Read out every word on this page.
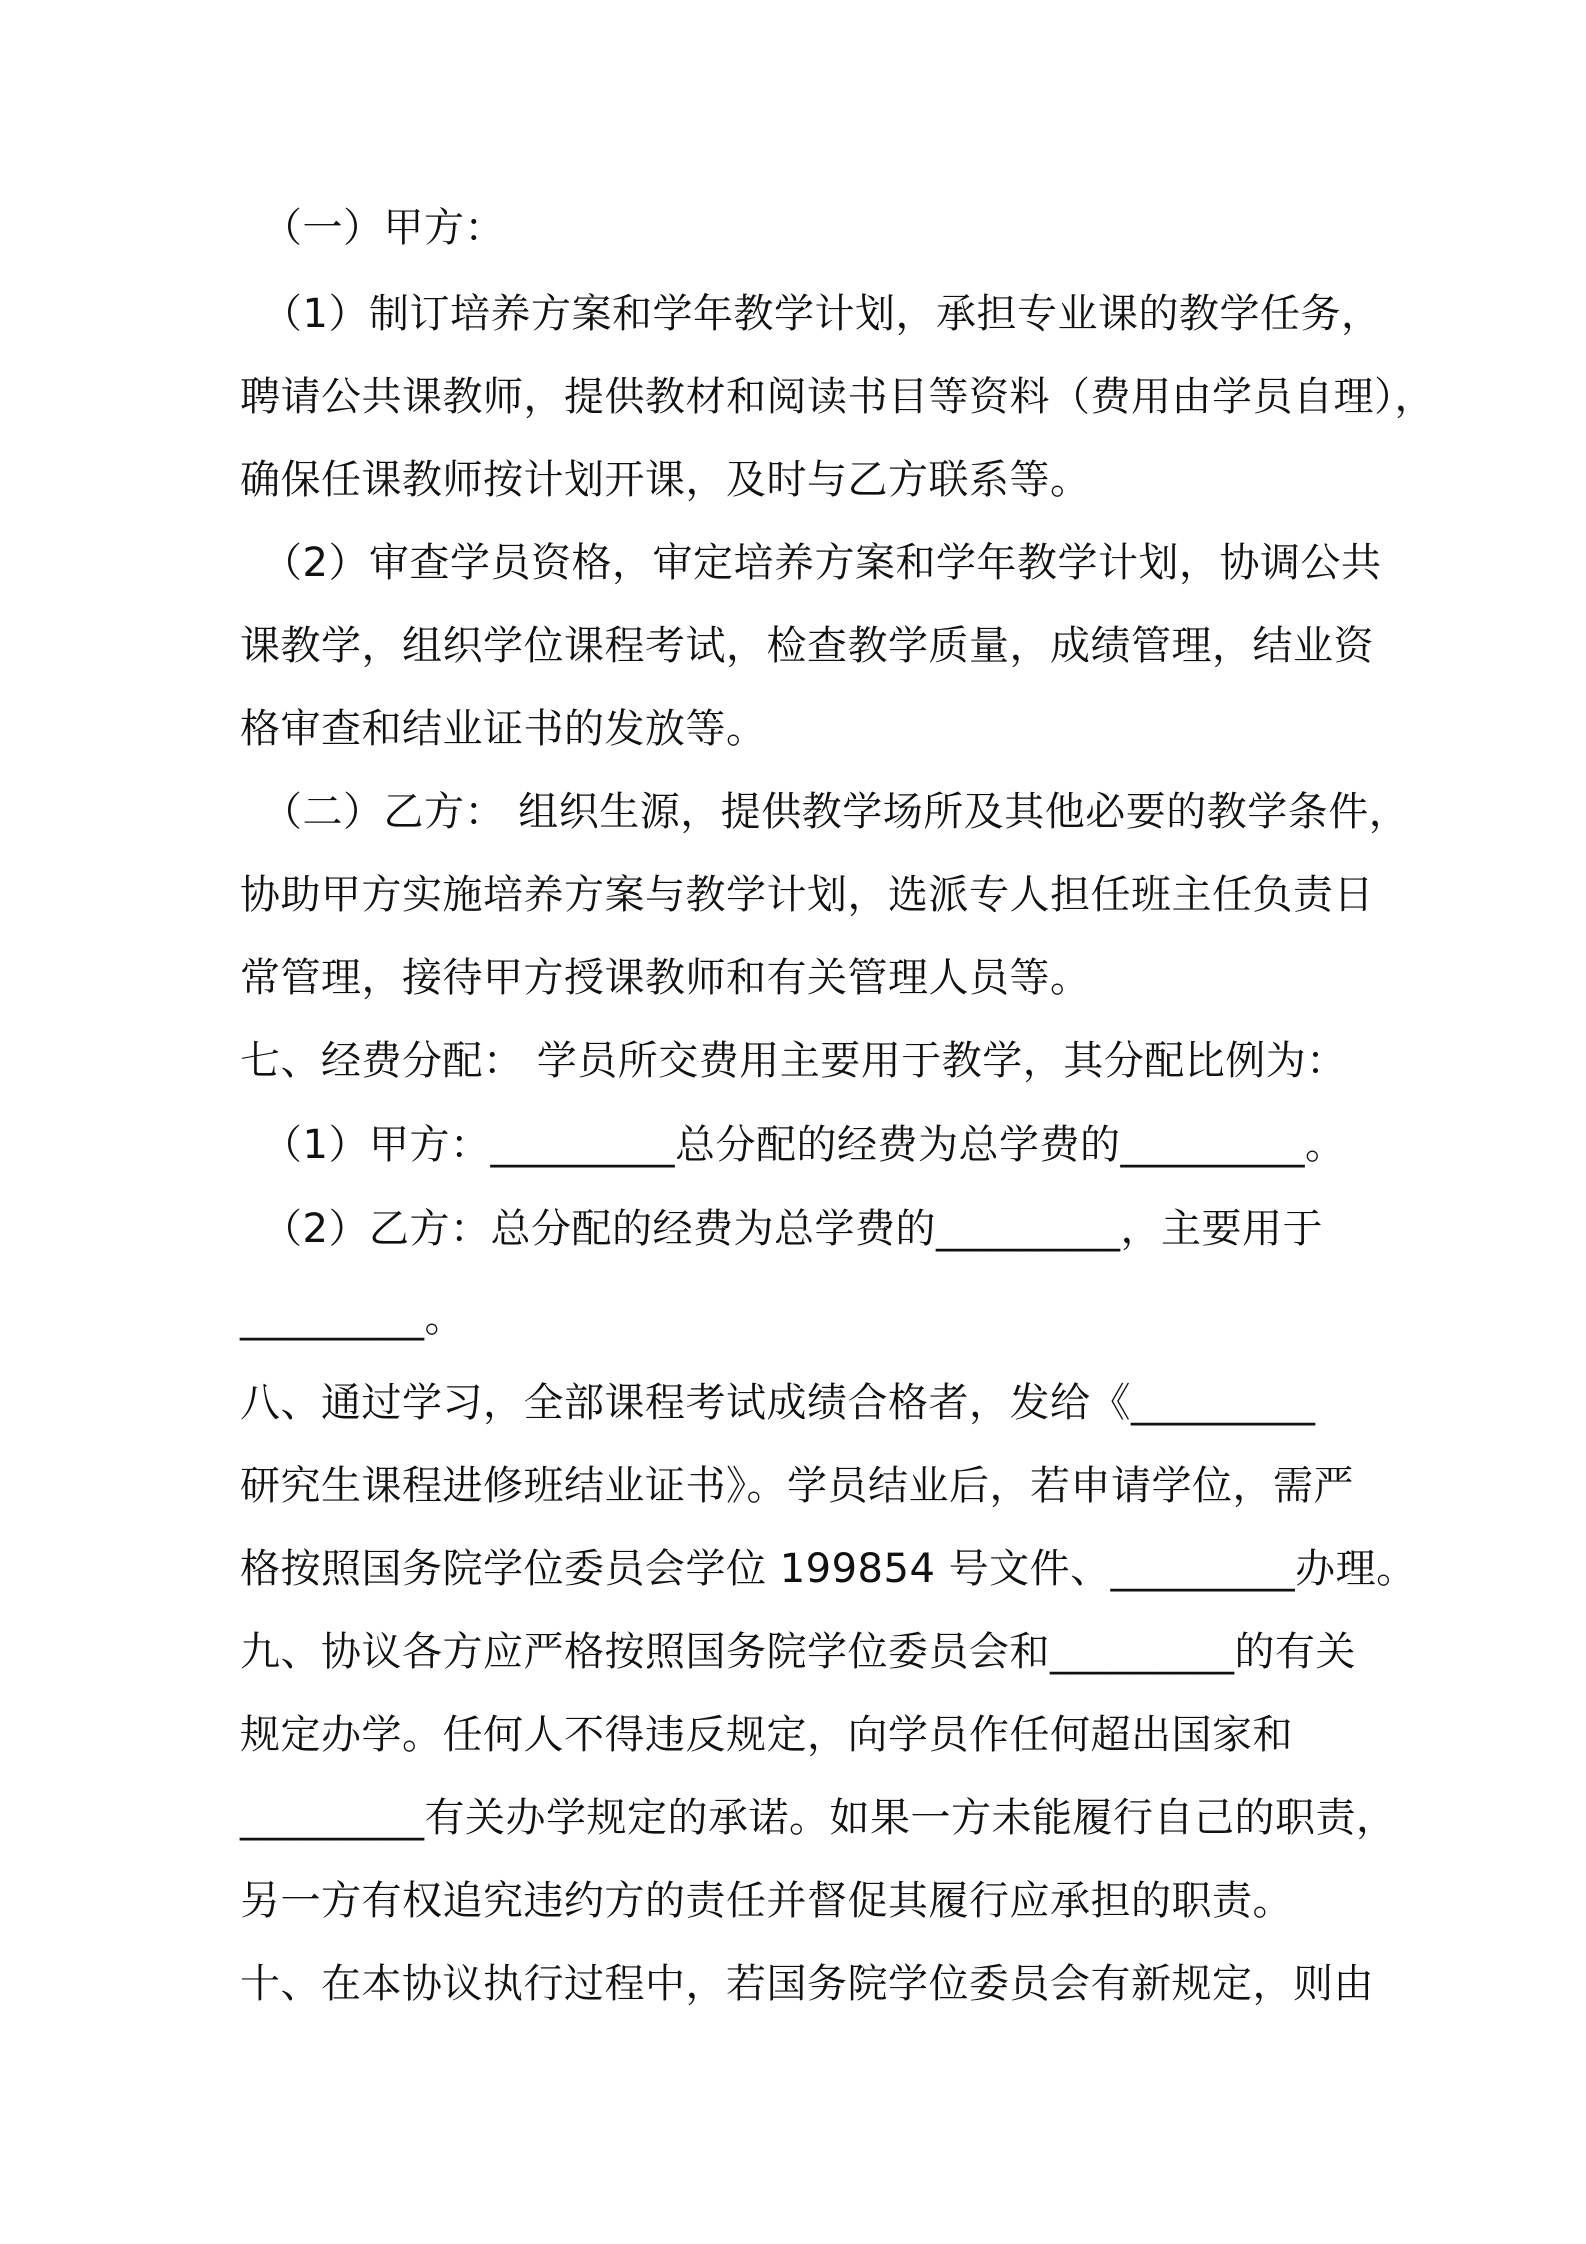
（一）甲方：

（1）制订培养方案和学年教学计划，承担专业课的教学任务，

聘请公共课教师，提供教材和阅读书目等资料（费用由学员自理），

确保任课教师按计划开课，及时与乙方联系等。

（2）审查学员资格，审定培养方案和学年教学计划，协调公共

课教学，组织学位课程考试，检查教学质量，成绩管理，结业资

格审查和结业证书的发放等。

（二）乙方： 组织生源，提供教学场所及其他必要的教学条件，

协助甲方实施培养方案与教学计划，选派专人担任班主任负责日

常管理，接待甲方授课教师和有关管理人员等。

七、经费分配： 学员所交费用主要用于教学，其分配比例为：

（1）甲方：_________总分配的经费为总学费的_________。

（2）乙方：总分配的经费为总学费的_________，主要用于

_________。

八、通过学习，全部课程考试成绩合格者，发给《_________

研究生课程进修班结业证书》。学员结业后，若申请学位，需严

格按照国务院学位委员会学位 199854 号文件、_________办理。

九、协议各方应严格按照国务院学位委员会和_________的有关

规定办学。任何人不得违反规定，向学员作任何超出国家和

_________有关办学规定的承诺。如果一方未能履行自己的职责，

另一方有权追究违约方的责任并督促其履行应承担的职责。

十、在本协议执行过程中，若国务院学位委员会有新规定，则由
